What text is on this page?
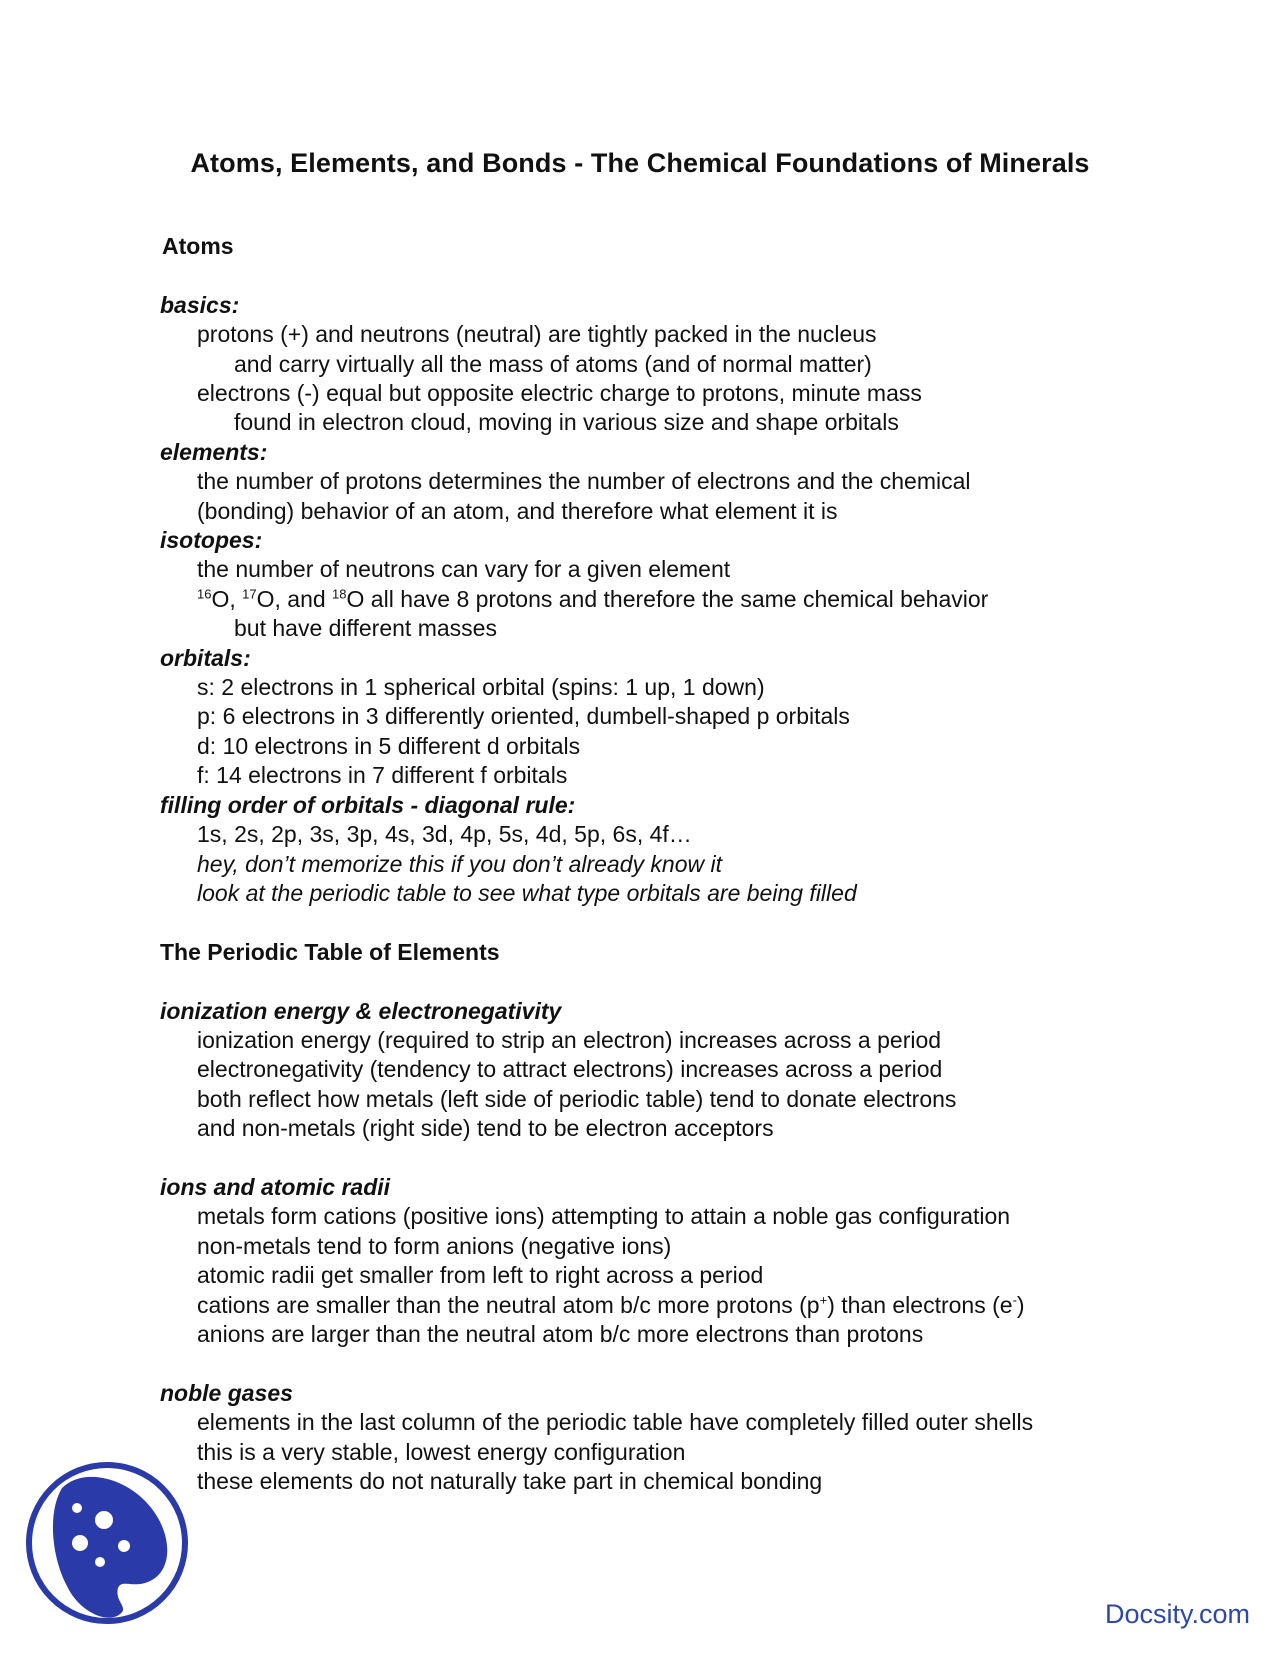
Atoms, Elements, and Bonds - The Chemical Foundations of Minerals
Atoms
basics:
protons (+) and neutrons (neutral) are tightly packed in the nucleus
and carry virtually all the mass of atoms (and of normal matter)
electrons (-) equal but opposite electric charge to protons, minute mass
found in electron cloud, moving in various size and shape orbitals
elements:
the number of protons determines the number of electrons and the chemical
(bonding) behavior of an atom, and therefore what element it is
isotopes:
the number of neutrons can vary for a given element
$^{16}$O, $^{17}$O, and $^{18}$O all have 8 protons and therefore the same chemical behavior
but have different masses
orbitals:
s: 2 electrons in 1 spherical orbital (spins: 1 up, 1 down)
p: 6 electrons in 3 differently oriented, dumbell-shaped p orbitals
d: 10 electrons in 5 different d orbitals
f: 14 electrons in 7 different f orbitals
filling order of orbitals - diagonal rule:
1s, 2s, 2p, 3s, 3p, 4s, 3d, 4p, 5s, 4d, 5p, 6s, 4f…
hey, don’t memorize this if you don’t already know it
look at the periodic table to see what type orbitals are being filled
The Periodic Table of Elements
ionization energy & electronegativity
ionization energy (required to strip an electron) increases across a period
electronegativity (tendency to attract electrons) increases across a period
both reflect how metals (left side of periodic table) tend to donate electrons
and non-metals (right side) tend to be electron acceptors
ions and atomic radii
metals form cations (positive ions) attempting to attain a noble gas configuration
non-metals tend to form anions (negative ions)
atomic radii get smaller from left to right across a period
cations are smaller than the neutral atom b/c more protons (p+) than electrons (e-)
anions are larger than the neutral atom b/c more electrons than protons
noble gases
elements in the last column of the periodic table have completely filled outer shells
this is a very stable, lowest energy configuration
these elements do not naturally take part in chemical bonding
Docsity.com
